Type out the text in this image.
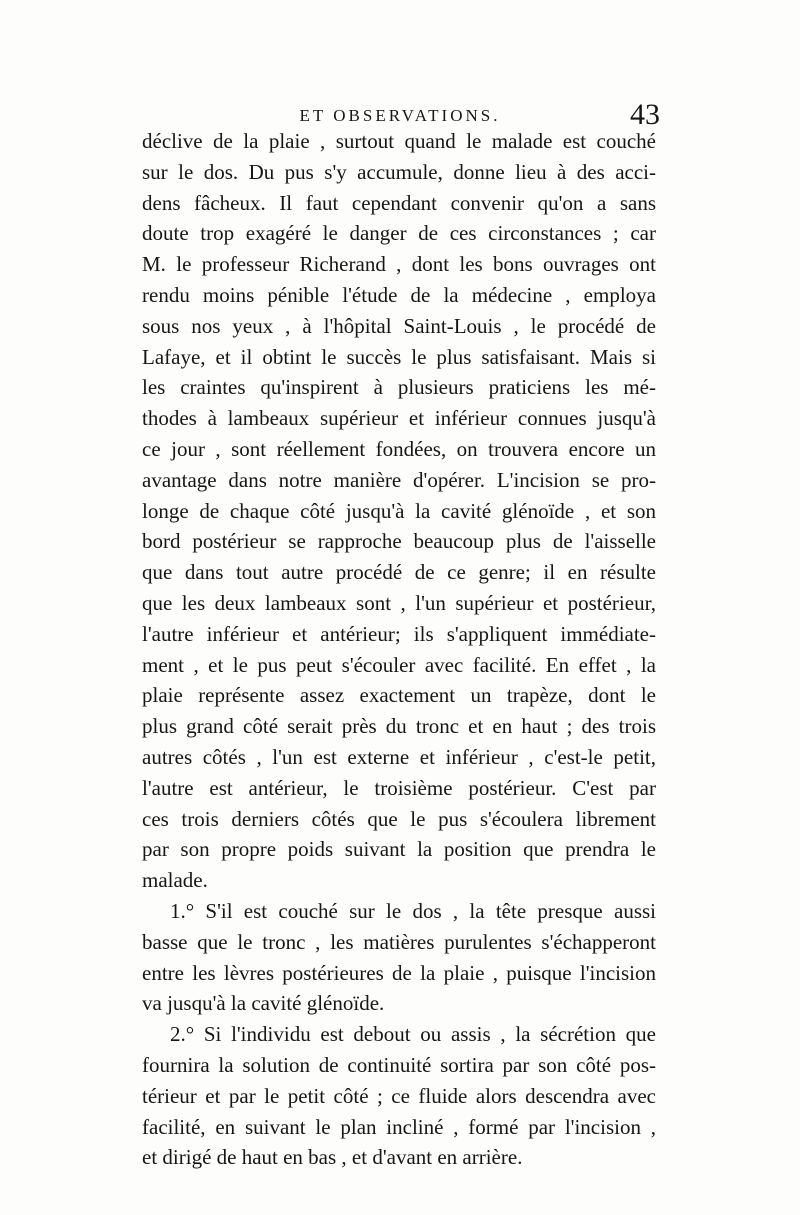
ET OBSERVATIONS.	43
déclive de la plaie , surtout quand le malade est couché
sur le dos. Du pus s'y accumule, donne lieu à des acci-
dens fâcheux. Il faut cependant convenir qu'on a sans
doute trop exagéré le danger de ces circonstances ; car
M. le professeur Richerand , dont les bons ouvrages ont
rendu moins pénible l'étude de la médecine , employa
sous nos yeux , à l'hôpital Saint-Louis , le procédé de
Lafaye, et il obtint le succès le plus satisfaisant. Mais si
les craintes qu'inspirent à plusieurs praticiens les mé-
thodes à lambeaux supérieur et inférieur connues jusqu'à
ce jour , sont réellement fondées, on trouvera encore un
avantage dans notre manière d'opérer. L'incision se pro-
longe de chaque côté jusqu'à la cavité glénoïde , et son
bord postérieur se rapproche beaucoup plus de l'aisselle
que dans tout autre procédé de ce genre; il en résulte
que les deux lambeaux sont , l'un supérieur et postérieur,
l'autre inférieur et antérieur; ils s'appliquent immédiate-
ment , et le pus peut s'écouler avec facilité. En effet , la
plaie représente assez exactement un trapèze, dont le
plus grand côté serait près du tronc et en haut ; des trois
autres côtés , l'un est externe et inférieur , c'est-le petit,
l'autre est antérieur, le troisième postérieur. C'est par
ces trois derniers côtés que le pus s'écoulera librement
par son propre poids suivant la position que prendra le
malade.
1.° S'il est couché sur le dos , la tête presque aussi
basse que le tronc , les matières purulentes s'échapperont
entre les lèvres postérieures de la plaie , puisque l'incision
va jusqu'à la cavité glénoïde.
2.° Si l'individu est debout ou assis , la sécrétion que
fournira la solution de continuité sortira par son côté pos-
térieur et par le petit côté ; ce fluide alors descendra avec
facilité, en suivant le plan incliné , formé par l'incision ,
et dirigé de haut en bas , et d'avant en arrière.
